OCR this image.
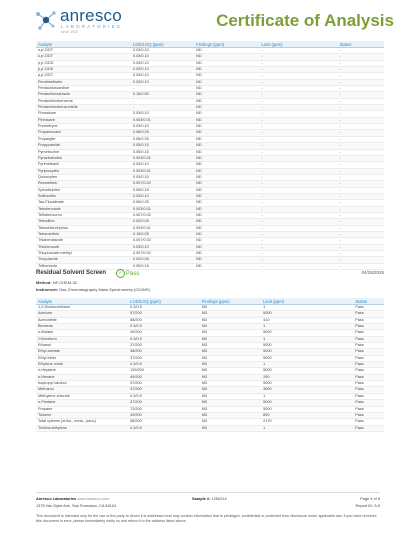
anresco
LABORATORIES
since 1945
Certificate of Analysis
Analyte	LOD/LOQ (ppm)	Findings (ppm)	Limit (ppm)	Status
o,p'-DDT	0.03/0.10	ND	-	-
o,p'-DDT	0.03/0.10	ND	-	-
p,p'-DDD	0.03/0.10	ND	-	-
p,p'-DDE	0.03/0.10	ND	-	-
p,p'-DDT	0.03/0.10	ND	-	-
Pendimethalin	0.03/0.10	ND	-	-
Pentachloroaniline	-	ND	-	-
Pentachloroanisole	0.15/0.50	ND	-	-
Pentachlorobenzene	-	ND	-	-
Pentachlorobenzonitrile	-	ND	-	-
Phosalone	0.03/0.10	ND	-	-
Pirimicarb	0.003/0.01	ND	-	-
Prometryne	0.03/0.10	ND	-	-
Propamocarb	0.06/0.25	ND	-	-
Propargite	0.06/0.25	ND	-	-
Propyzamide	0.05/0.15	ND	-	-
Pymetrozine	0.05/0.15	ND	-	-
Pyraclostrobin	0.003/0.01	ND	-	-
Pyrimethanil	0.03/0.10	ND	-	-
Pyriproxyfen	0.003/0.01	ND	-	-
Quinoxyfen	0.03/0.10	ND	-	-
Resmethrin	0.007/0.02	ND	-	-
Spirodiclofen	0.05/0.15	ND	-	-
Sulfoxaflor	0.03/0.10	ND	-	-
Tau-Fluvalinate	0.06/0.25	ND	-	-
Tebufenozide	0.003/0.01	ND	-	-
Teflubenzuron	0.007/0.02	ND	-	-
Tetradifon	0.02/0.06	ND	-	-
Tetrachlorvinphos	0.003/0.01	ND	-	-
Tetramethrin	0.15/0.05	ND	-	-
Thiabendazole	0.007/0.02	ND	-	-
Thiobencarb	0.03/0.10	ND	-	-
Thiophanate-methyl	0.007/0.02	ND	-	-
Tricyclazole	0.02/0.06	ND	-	-
Triflumizole	0.05/0.15	ND	-	-
Residual Solvent Screen	✓ Pass	04/28/2025
Method: NF-CHEM-3C
Instrument: Gas Chromatography Mass Spectrometry (GC/MS)
Analyte	LOD/LOQ (ppm)	Findings (ppm)	Limit (ppm)	Status
1,2-Dichloroethane	0.3/0.5	ND	1	Pass
Acetone	57/200	ND	5000	Pass
Acetonitrile	58/200	ND	410	Pass
Benzene	0.3/0.5	ND	1	Pass
n-Butane	49/200	ND	5000	Pass
Chloroform	0.3/0.5	ND	1	Pass
Ethanol	37/200	ND	5000	Pass
Ethyl acetate	38/200	ND	5000	Pass
Ethyl ether	37/200	ND	5000	Pass
Ethylene oxide	0.3/0.5	ND	1	Pass
n-Heptane	139/200	ND	5000	Pass
n-Hexane	49/200	ND	290	Pass
Isopropyl alcohol	57/200	ND	5000	Pass
Methanol	37/200	ND	3000	Pass
Methylene chloride	0.3/0.5	ND	1	Pass
n-Pentane	37/200	ND	5000	Pass
Propane	72/200	ND	5000	Pass
Toluene	49/200	ND	890	Pass
Total xylenes (ortho-, meta-, para-)	58/200	ND	2170	Pass
Trichloroethylene	0.3/0.5	ND	1	Pass
Anresco Laboratories www.anresco.com
1375 Van Dyke Ave, San Francisco, CA 94124
Sample #: 1250214	Page 4 of 5
Report ID: 5-5
This document is intended only for the use of the party to whom it is addressed and may contain information that is privileged, confidential or protected from disclosure under applicable law. If you have received this document in error, please immediately notify us and return it to the address listed above.
